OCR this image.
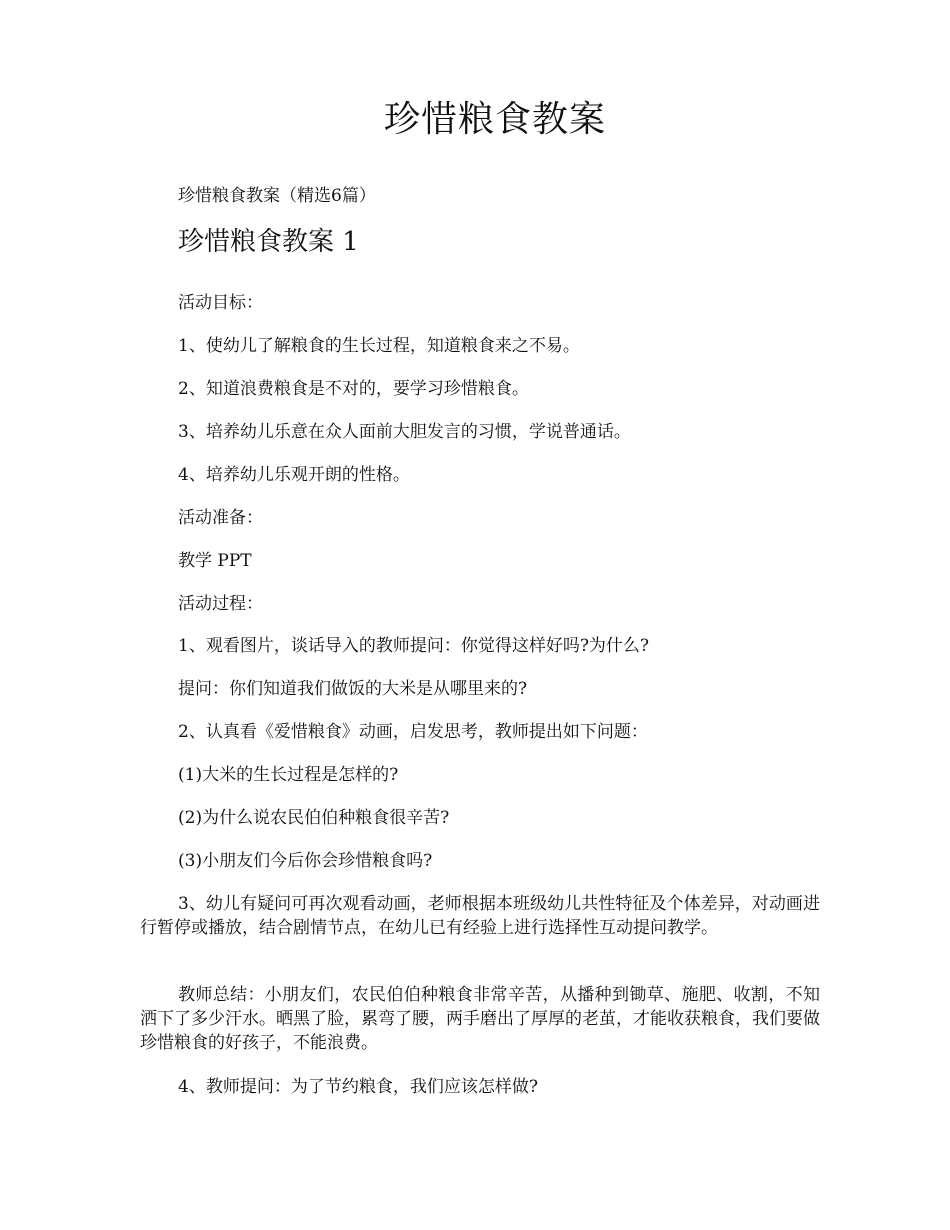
珍惜粮食教案

珍惜粮食教案（精选6篇）

珍惜粮食教案 1

活动目标：

1、使幼儿了解粮食的生长过程，知道粮食来之不易。

2、知道浪费粮食是不对的，要学习珍惜粮食。

3、培养幼儿乐意在众人面前大胆发言的习惯，学说普通话。

4、培养幼儿乐观开朗的性格。

活动准备：

教学 PPT

活动过程：

1、观看图片，谈话导入的教师提问：你觉得这样好吗?为什么?

提问：你们知道我们做饭的大米是从哪里来的?

2、认真看《爱惜粮食》动画，启发思考，教师提出如下问题：

(1)大米的生长过程是怎样的?

(2)为什么说农民伯伯种粮食很辛苦?

(3)小朋友们今后你会珍惜粮食吗?

3、幼儿有疑问可再次观看动画，老师根据本班级幼儿共性特征及个体差异，对动画进行暂停或播放，结合剧情节点，在幼儿已有经验上进行选择性互动提问教学。

教师总结：小朋友们，农民伯伯种粮食非常辛苦，从播种到锄草、施肥、收割，不知洒下了多少汗水。晒黑了脸，累弯了腰，两手磨出了厚厚的老茧，才能收获粮食，我们要做珍惜粮食的好孩子，不能浪费。

4、教师提问：为了节约粮食，我们应该怎样做?
